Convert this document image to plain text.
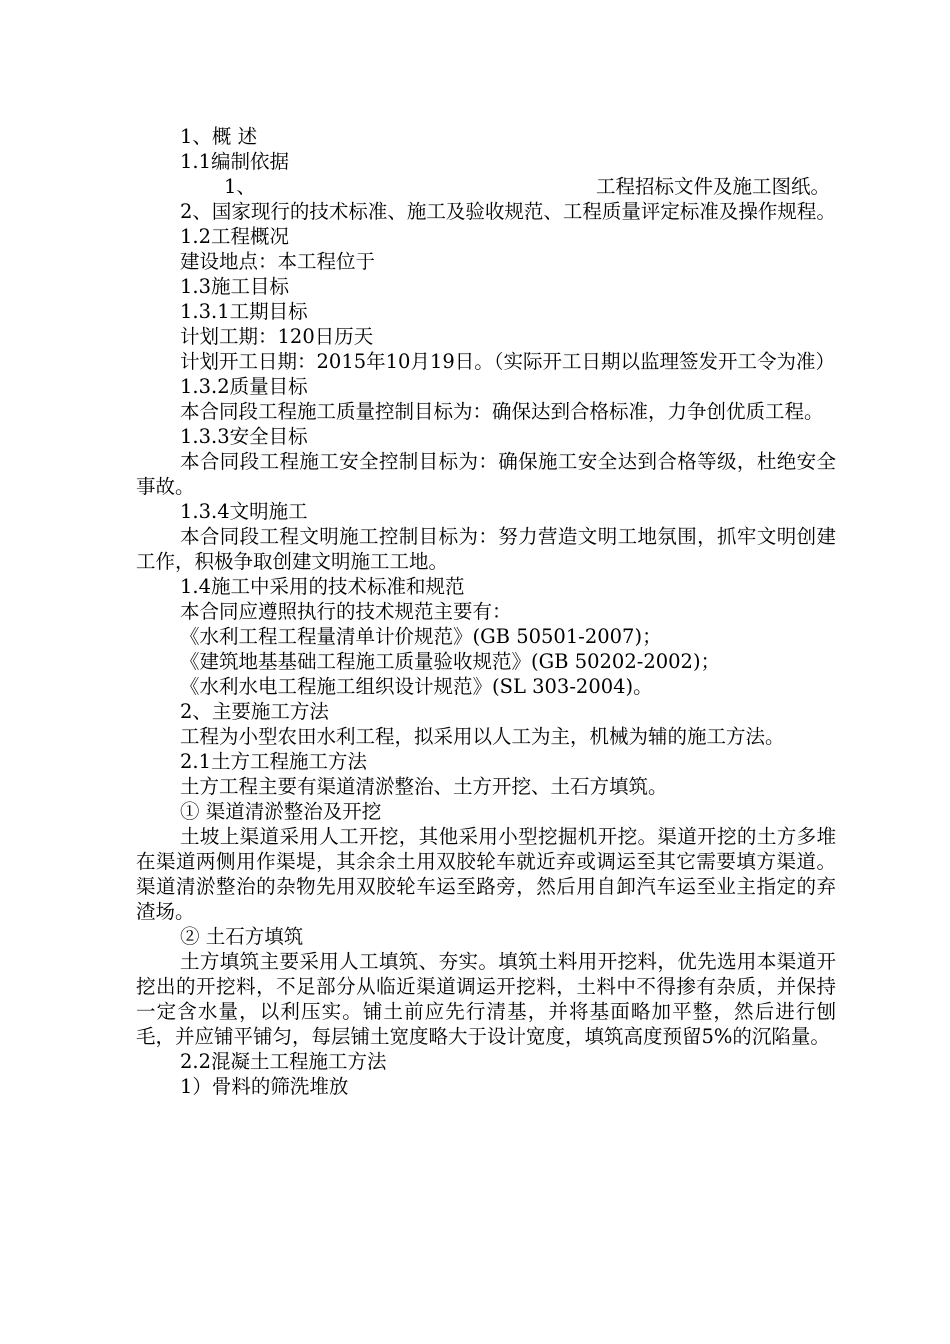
1、概 述

1.1编制依据

1、	工程招标文件及施工图纸。

2、国家现行的技术标准、施工及验收规范、工程质量评定标准及操作规程。

1.2工程概况

建设地点：本工程位于

1.3施工目标

1.3.1工期目标

计划工期：120日历天

计划开工日期：2015年10月19日。（实际开工日期以监理签发开工令为准）

1.3.2质量目标

本合同段工程施工质量控制目标为：确保达到合格标准，力争创优质工程。

1.3.3安全目标

本合同段工程施工安全控制目标为：确保施工安全达到合格等级，杜绝安全事故。

1.3.4文明施工

本合同段工程文明施工控制目标为：努力营造文明工地氛围，抓牢文明创建工作，积极争取创建文明施工工地。

1.4施工中采用的技术标准和规范

本合同应遵照执行的技术规范主要有：

《水利工程工程量清单计价规范》(GB 50501-2007)；

《建筑地基基础工程施工质量验收规范》(GB 50202-2002)；

《水利水电工程施工组织设计规范》(SL 303-2004)。

2、主要施工方法

工程为小型农田水利工程，拟采用以人工为主，机械为辅的施工方法。

2.1土方工程施工方法

土方工程主要有渠道清淤整治、土方开挖、土石方填筑。

① 渠道清淤整治及开挖

土坡上渠道采用人工开挖，其他采用小型挖掘机开挖。渠道开挖的土方多堆在渠道两侧用作渠堤，其余余土用双胶轮车就近弃或调运至其它需要填方渠道。渠道清淤整治的杂物先用双胶轮车运至路旁，然后用自卸汽车运至业主指定的弃渣场。

② 土石方填筑

土方填筑主要采用人工填筑、夯实。填筑土料用开挖料，优先选用本渠道开挖出的开挖料，不足部分从临近渠道调运开挖料，土料中不得掺有杂质，并保持一定含水量，以利压实。铺土前应先行清基，并将基面略加平整，然后进行刨毛，并应铺平铺匀，每层铺土宽度略大于设计宽度，填筑高度预留5%的沉陷量。

2.2混凝土工程施工方法

1）骨料的筛洗堆放
